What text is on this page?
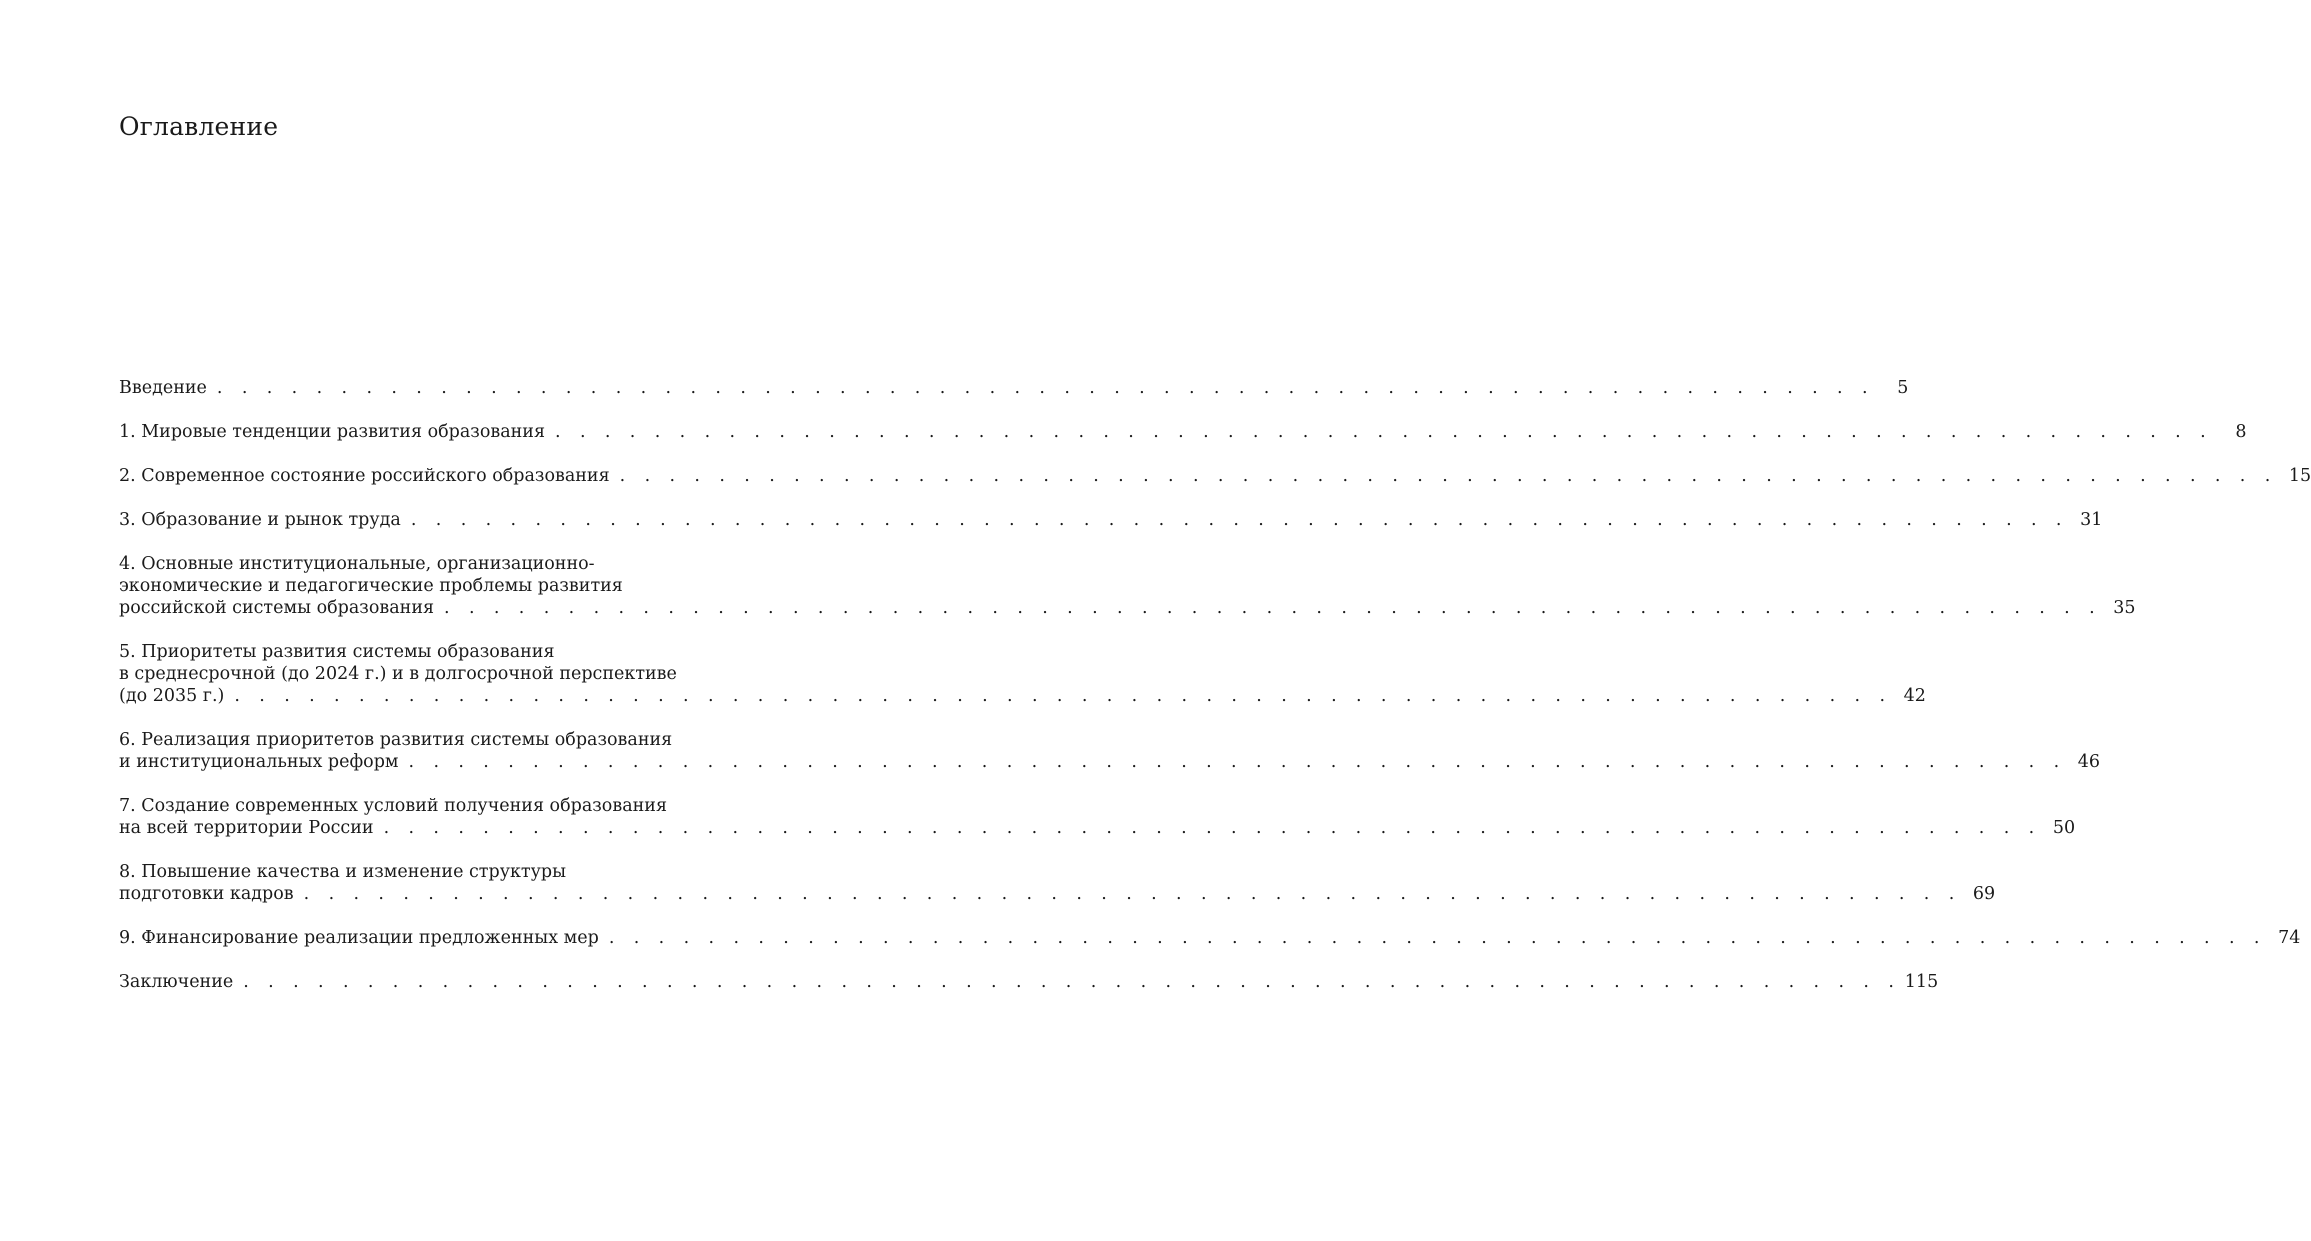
Оглавление
Введение . . . . . . . . . . . . . . . . . . . . . . . . . . . . . . . . . . . . . . . . . . . . . . . . . . . . . . . . . . . . . . . . . . .	5
1. Мировые тенденции развития образования . . . . . . . . . . . . . . . . . . . . . . . . . . . . . . . . . . . . . . . . . . . . . . . . . . . . . . . . . . . . . . . . . . .	8
2. Современное состояние российского образования . . . . . . . . . . . . . . . . . . . . . . . . . . . . . . . . . . . . . . . . . . . . . . . . . . . . . . . . . . . . . . . . . . . 15
3. Образование и рынок труда . . . . . . . . . . . . . . . . . . . . . . . . . . . . . . . . . . . . . . . . . . . . . . . . . . . . . . . . . . . . . . . . . . . 31
4. Основные институциональные, организационно-
экономические и педагогические проблемы развития
российской системы образования . . . . . . . . . . . . . . . . . . . . . . . . . . . . . . . . . . . . . . . . . . . . . . . . . . . . . . . . . . . . . . . . . . . 35
5. Приоритеты развития системы образования
в среднесрочной (до 2024 г.) и в долгосрочной перспективе
(до 2035 г.) . . . . . . . . . . . . . . . . . . . . . . . . . . . . . . . . . . . . . . . . . . . . . . . . . . . . . . . . . . . . . . . . . . . 42
6. Реализация приоритетов развития системы образования
и институциональных реформ . . . . . . . . . . . . . . . . . . . . . . . . . . . . . . . . . . . . . . . . . . . . . . . . . . . . . . . . . . . . . . . . . . . 46
7. Создание современных условий получения образования
на всей территории России . . . . . . . . . . . . . . . . . . . . . . . . . . . . . . . . . . . . . . . . . . . . . . . . . . . . . . . . . . . . . . . . . . . 50
8. Повышение качества и изменение структуры
подготовки кадров . . . . . . . . . . . . . . . . . . . . . . . . . . . . . . . . . . . . . . . . . . . . . . . . . . . . . . . . . . . . . . . . . . . 69
9. Финансирование реализации предложенных мер . . . . . . . . . . . . . . . . . . . . . . . . . . . . . . . . . . . . . . . . . . . . . . . . . . . . . . . . . . . . . . . . . . . 74
Заключение . . . . . . . . . . . . . . . . . . . . . . . . . . . . . . . . . . . . . . . . . . . . . . . . . . . . . . . . . . . . . . . . . . . 115
